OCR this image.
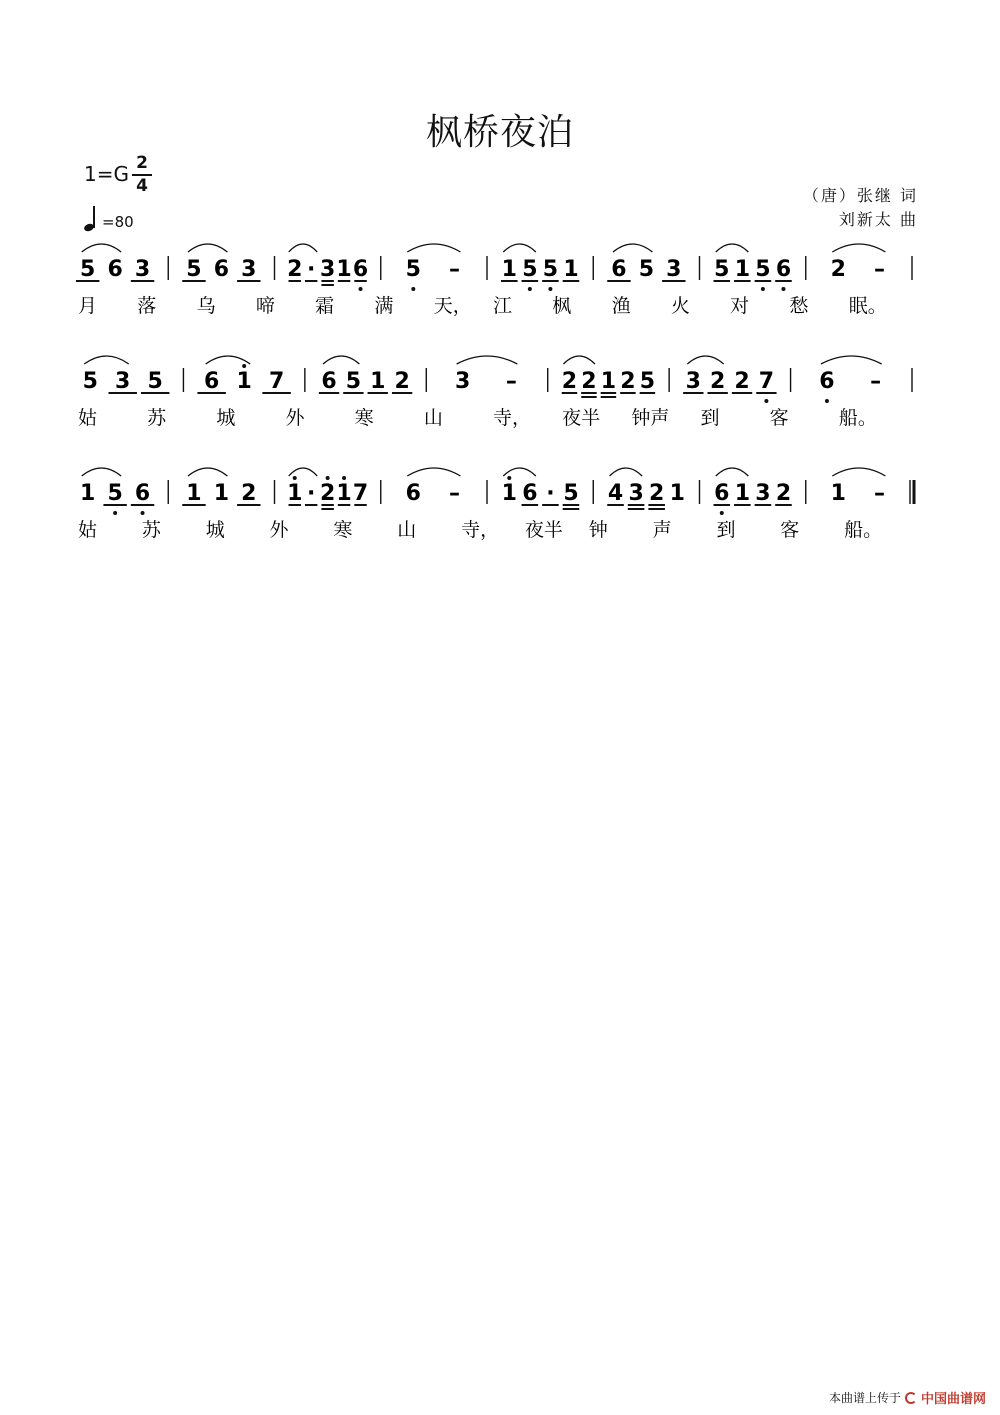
枫桥夜泊
1=G 2
4
=80
（唐）张继 词
刘新太 曲
5 6 3 5 6 3 2 · 3 1 6 5 – 1 5 5 1 6 5 3 5 1 5 6 2 –
月 落 乌 啼 霜 满 天， 江 枫 渔 火 对 愁 眠。
5 3 5 6 1 7 6 5 1 2 3 – 2 2 1 2 5 3 2 2 7 6 –
姑	苏	城	外	寒	山	寺， 夜半 钟声 到	客	船。
1 5 6 1 1 2 1 · 2 1 7 6 – 1 6 · 5 4 3 2 1 6 1 3 2 1 –
姑 苏 城 外 寒 山 寺， 夜半 钟 声 到 客 船。
本曲谱上传于 中国曲谱网
